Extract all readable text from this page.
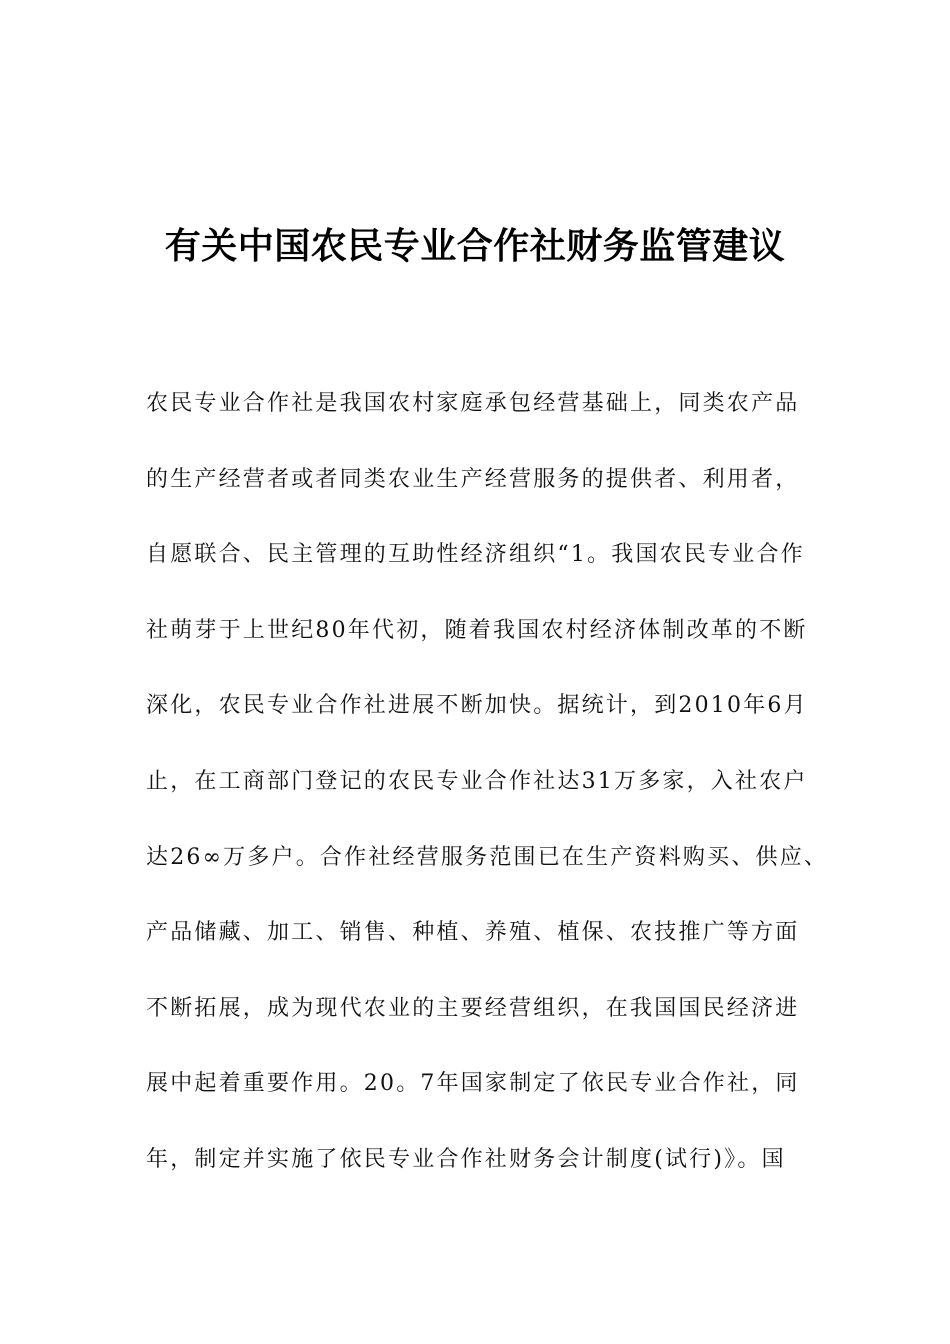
有关中国农民专业合作社财务监管建议
农民专业合作社是我国农村家庭承包经营基础上，同类农产品
的生产经营者或者同类农业生产经营服务的提供者、利用者，
自愿联合、民主管理的互助性经济组织“1。我国农民专业合作
社萌芽于上世纪80年代初，随着我国农村经济体制改革的不断
深化，农民专业合作社进展不断加快。据统计，到2010年6月
止，在工商部门登记的农民专业合作社达31万多家，入社农户
达26∞万多户。合作社经营服务范围已在生产资料购买、供应、
产品储藏、加工、销售、种植、养殖、植保、农技推广等方面
不断拓展，成为现代农业的主要经营组织，在我国国民经济进
展中起着重要作用。20。7年国家制定了依民专业合作社，同
年，制定并实施了依民专业合作社财务会计制度(试行)》。国
